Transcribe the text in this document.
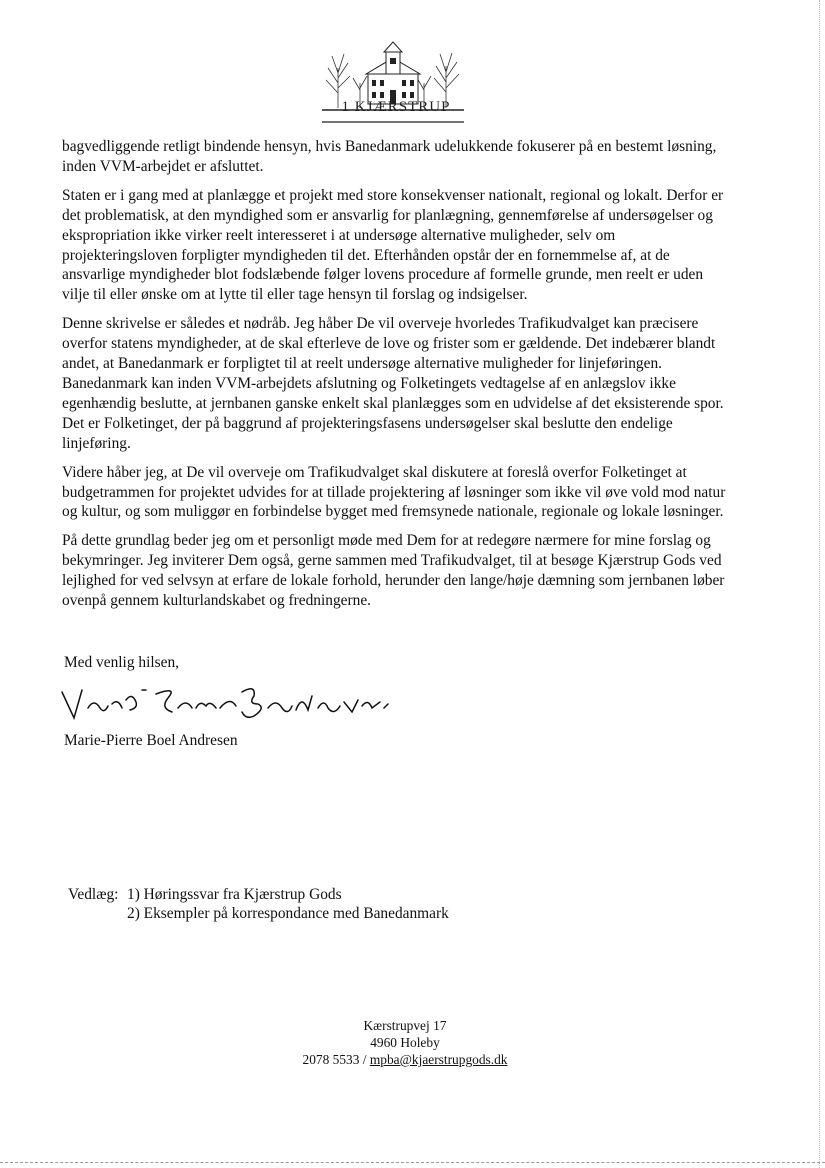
1 KJÆRSTRUP

bagvedliggende retligt bindende hensyn, hvis Banedanmark udelukkende fokuserer på en bestemt løsning, inden VVM-arbejdet er afsluttet.

Staten er i gang med at planlægge et projekt med store konsekvenser nationalt, regional og lokalt. Derfor er det problematisk, at den myndighed som er ansvarlig for planlægning, gennemførelse af undersøgelser og ekspropriation ikke virker reelt interesseret i at undersøge alternative muligheder, selv om projekteringsloven forpligter myndigheden til det. Efterhånden opstår der en fornemmelse af, at de ansvarlige myndigheder blot fodslæbende følger lovens procedure af formelle grunde, men reelt er uden vilje til eller ønske om at lytte til eller tage hensyn til forslag og indsigelser.

Denne skrivelse er således et nødråb. Jeg håber De vil overveje hvorledes Trafikudvalget kan præcisere overfor statens myndigheder, at de skal efterleve de love og frister som er gældende. Det indebærer blandt andet, at Banedanmark er forpligtet til at reelt undersøge alternative muligheder for linjeføringen. Banedanmark kan inden VVM-arbejdets afslutning og Folketingets vedtagelse af en anlægslov ikke egenhændig beslutte, at jernbanen ganske enkelt skal planlægges som en udvidelse af det eksisterende spor. Det er Folketinget, der på baggrund af projekteringsfasens undersøgelser skal beslutte den endelige linjeføring.

Videre håber jeg, at De vil overveje om Trafikudvalget skal diskutere at foreslå overfor Folketinget at budgetrammen for projektet udvides for at tillade projektering af løsninger som ikke vil øve vold mod natur og kultur, og som muliggør en forbindelse bygget med fremsynede nationale, regionale og lokale løsninger.

På dette grundlag beder jeg om et personligt møde med Dem for at redegøre nærmere for mine forslag og bekymringer. Jeg inviterer Dem også, gerne sammen med Trafikudvalget, til at besøge Kjærstrup Gods ved lejlighed for ved selvsyn at erfare de lokale forhold, herunder den lange/høje dæmning som jernbanen løber ovenpå gennem kulturlandskabet og fredningerne.

Med venlig hilsen,
Marie-Pierre Boel Andresen
Vedlæg: 1) Høringssvar fra Kjærstrup Gods
2) Eksempler på korrespondance med Banedanmark
Kærstrupvej 17
4960 Holeby
2078 5533 / mpba@kjaerstrupgods.dk
